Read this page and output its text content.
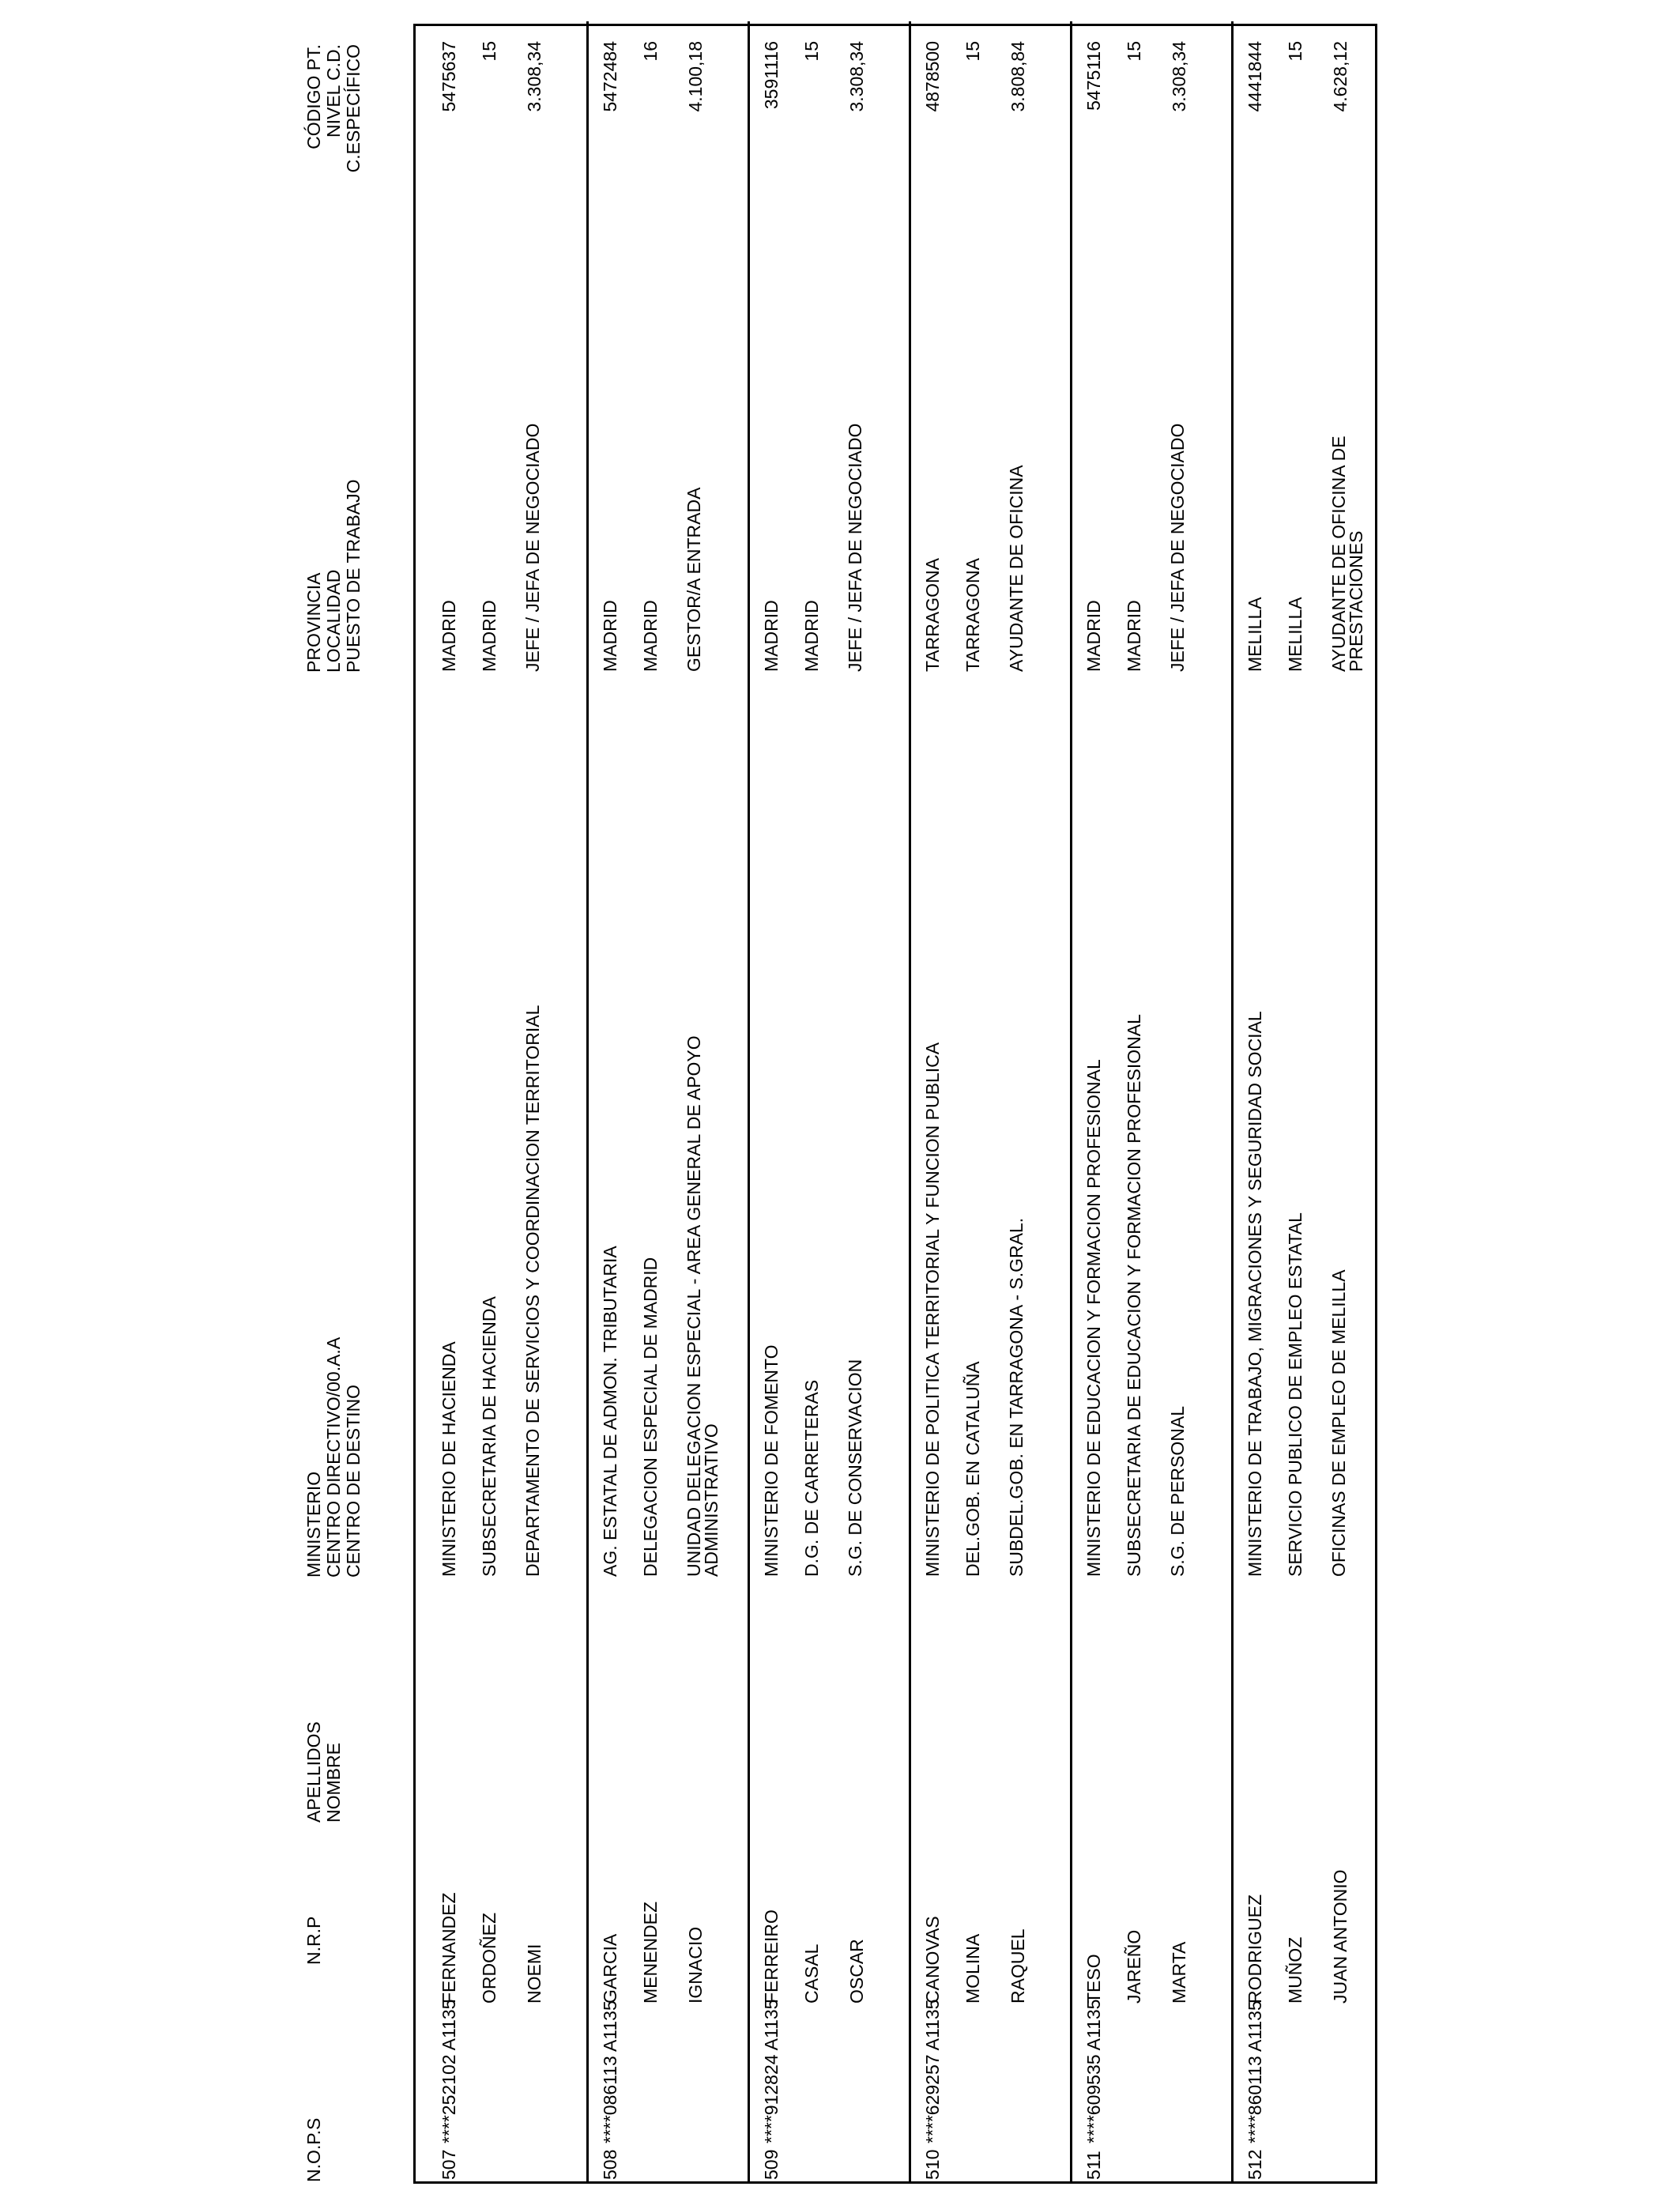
N.O.P.S
N.R.P
APELLIDOS NOMBRE
MINISTERIO CENTRO DIRECTIVO/00.A.A CENTRO DE DESTINO
PROVINCIA LOCALIDAD PUESTO DE TRABAJO
CÓDIGO PT. NIVEL C.D. C.ESPECÍFICO
507
****252102 A1135
FERNANDEZ ORDOÑEZ NOEMI
MINISTERIO DE HACIENDA SUBSECRETARIA DE HACIENDA DEPARTAMENTO DE SERVICIOS Y COORDINACION TERRITORIAL
MADRID MADRID JEFE / JEFA DE NEGOCIADO
5475637 15 3.308,34
508
****086113 A1135
GARCIA MENENDEZ IGNACIO
AG. ESTATAL DE ADMON. TRIBUTARIA DELEGACION ESPECIAL DE MADRID UNIDAD DELEGACION ESPECIAL - AREA GENERAL DE APOYO ADMINISTRATIVO
MADRID MADRID GESTOR/A ENTRADA
5472484 16 4.100,18
509
****912824 A1135
FERREIRO CASAL OSCAR
MINISTERIO DE FOMENTO D.G. DE CARRETERAS S.G. DE CONSERVACION
MADRID MADRID JEFE / JEFA DE NEGOCIADO
3591116 15 3.308,34
510
****629257 A1135
CANOVAS MOLINA RAQUEL
MINISTERIO DE POLITICA TERRITORIAL Y FUNCION PUBLICA DEL.GOB. EN CATALUÑA SUBDEL.GOB. EN TARRAGONA - S.GRAL.
TARRAGONA TARRAGONA AYUDANTE DE OFICINA
4878500 15 3.808,84
511
****609535 A1135
TESO JAREÑO MARTA
MINISTERIO DE EDUCACION Y FORMACION PROFESIONAL SUBSECRETARIA DE EDUCACION Y FORMACION PROFESIONAL S.G. DE PERSONAL
MADRID MADRID JEFE / JEFA DE NEGOCIADO
5475116 15 3.308,34
512
****860113 A1135
RODRIGUEZ MUÑOZ JUAN ANTONIO
MINISTERIO DE TRABAJO, MIGRACIONES Y SEGURIDAD SOCIAL SERVICIO PUBLICO DE EMPLEO ESTATAL OFICINAS DE EMPLEO DE MELILLA
MELILLA MELILLA AYUDANTE DE OFICINA DE PRESTACIONES
4441844 15 4.628,12
